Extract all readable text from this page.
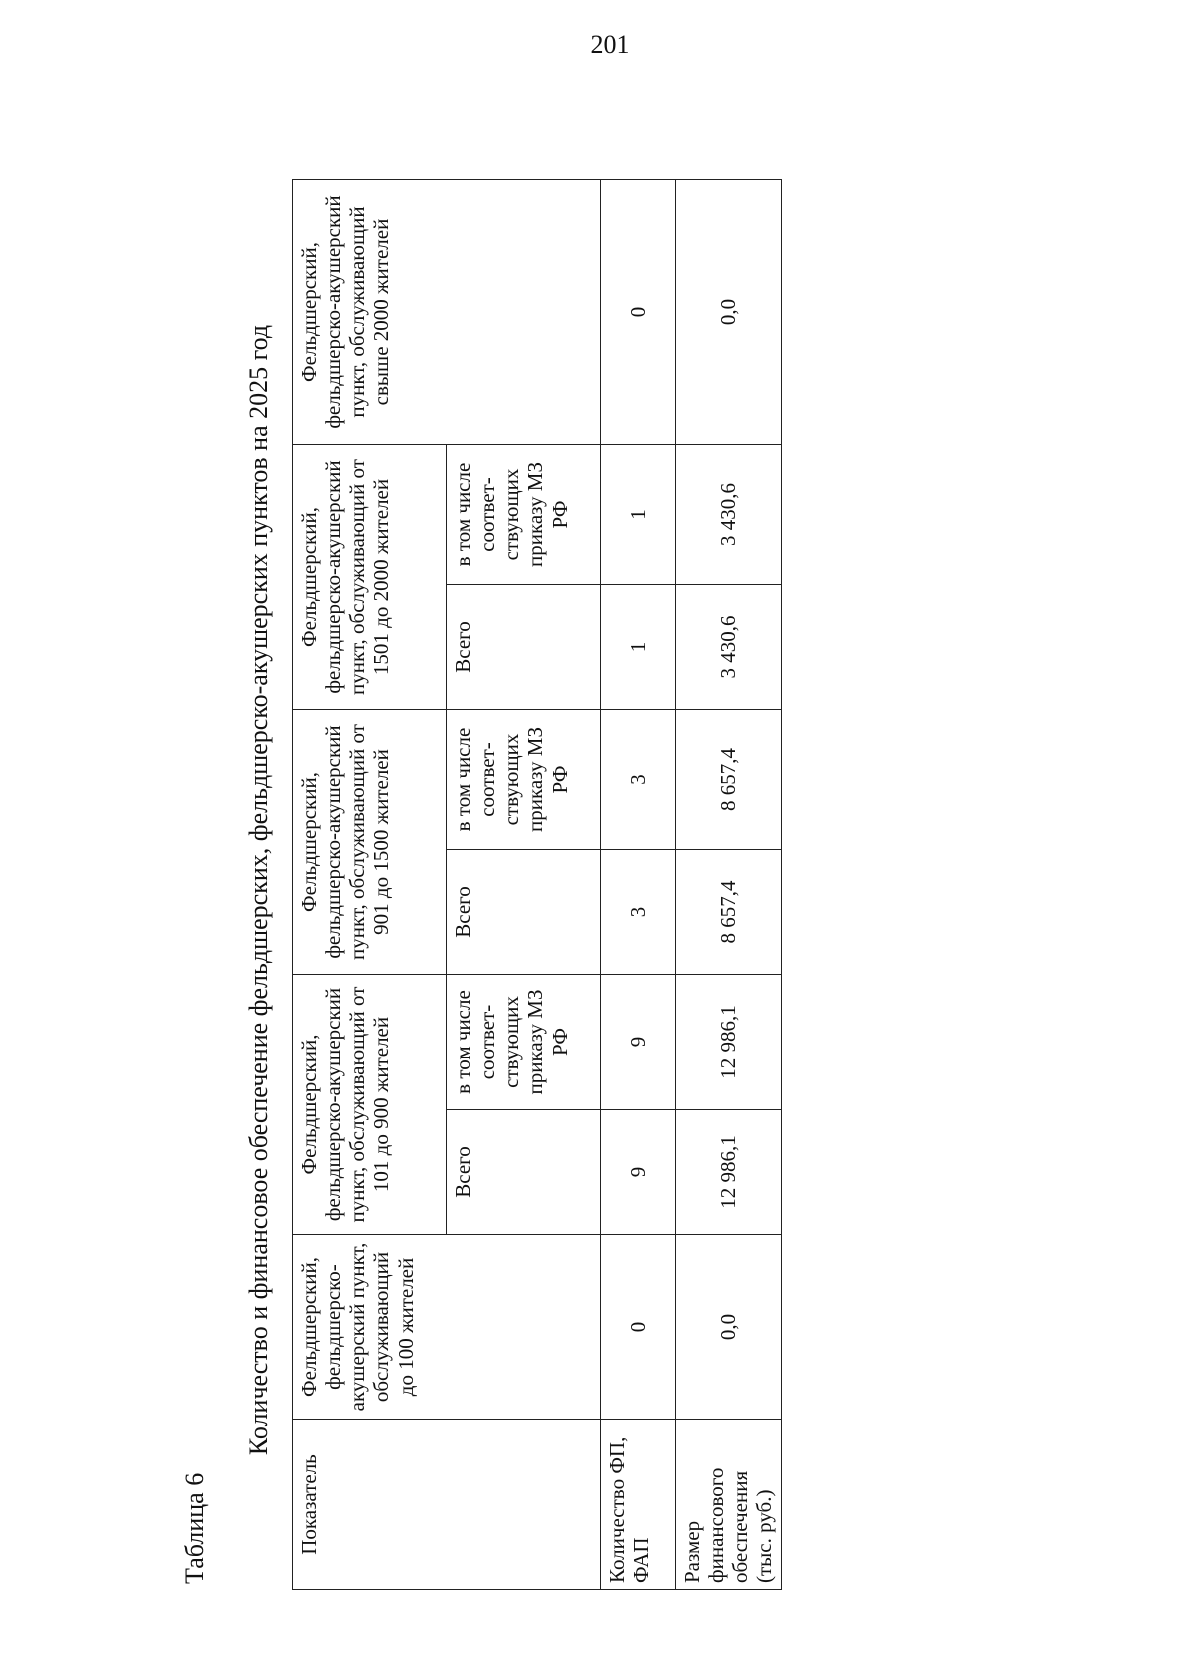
201
Таблица 6
Количество и финансовое обеспечение фельдшерских, фельдшерско-акушерских пунктов на 2025 год
Показатель	Фельдшерский, фельдшерско-акушерский пункт, обслуживающий до 100 жителей	Фельдшерский, фельдшерско-акушерский пункт, обслуживающий от 101 до 900 жителей		Фельдшерский, фельдшерско-акушерский пункт, обслуживающий от 901 до 1500 жителей		Фельдшерский, фельдшерско-акушерский пункт, обслуживающий от 1501 до 2000 жителей		Фельдшерский, фельдшерско-акушерский пункт, обслуживающий свыше 2000 жителей
		Всего	в том числе соответ-ствующих приказу МЗ РФ	Всего	в том числе соответ-ствующих приказу МЗ РФ	Всего	в том числе соответ-ствующих приказу МЗ РФ	
Количество ФП, ФАП	0	9	9	3	3	1	1	0
Размер финансового обеспечения (тыс. руб.)	0,0	12 986,1	12 986,1	8 657,4	8 657,4	3 430,6	3 430,6	0,0
